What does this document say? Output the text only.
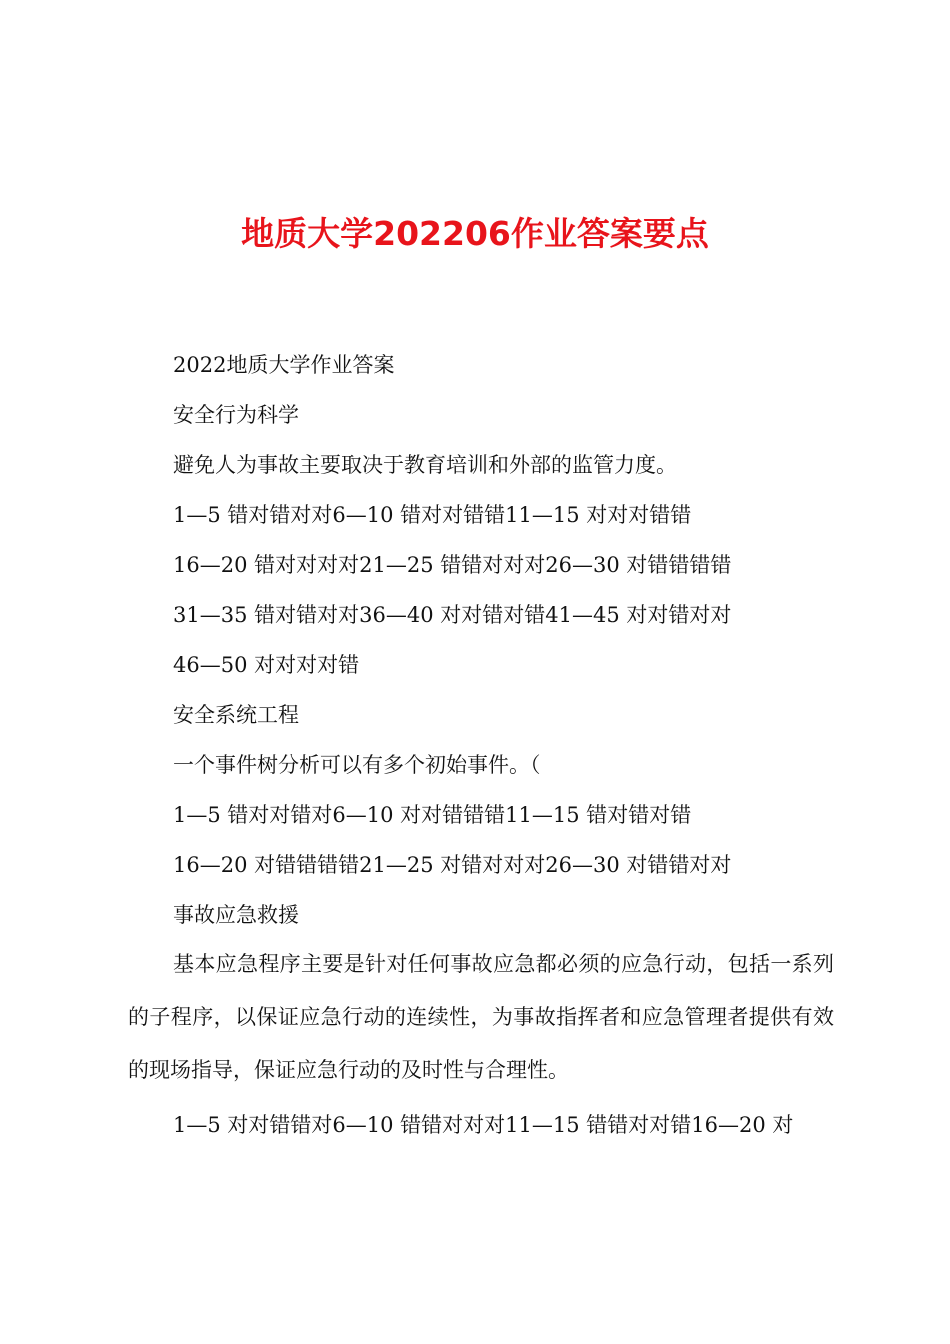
地质大学202206作业答案要点
2022地质大学作业答案
安全行为科学
避免人为事故主要取决于教育培训和外部的监管力度。
1—5 错对错对对6—10 错对对错错11—15 对对对错错
16—20 错对对对对21—25 错错对对对26—30 对错错错错
31—35 错对错对对36—40 对对错对错41—45 对对错对对
46—50 对对对对错
安全系统工程
一个事件树分析可以有多个初始事件。（
1—5 错对对错对6—10 对对错错错11—15 错对错对错
16—20 对错错错错21—25 对错对对对26—30 对错错对对
事故应急救援
基本应急程序主要是针对任何事故应急都必须的应急行动，包括一系列的子程序，以保证应急行动的连续性，为事故指挥者和应急管理者提供有效的现场指导，保证应急行动的及时性与合理性。
1—5 对对错错对6—10 错错对对对11—15 错错对对错16—20 对
